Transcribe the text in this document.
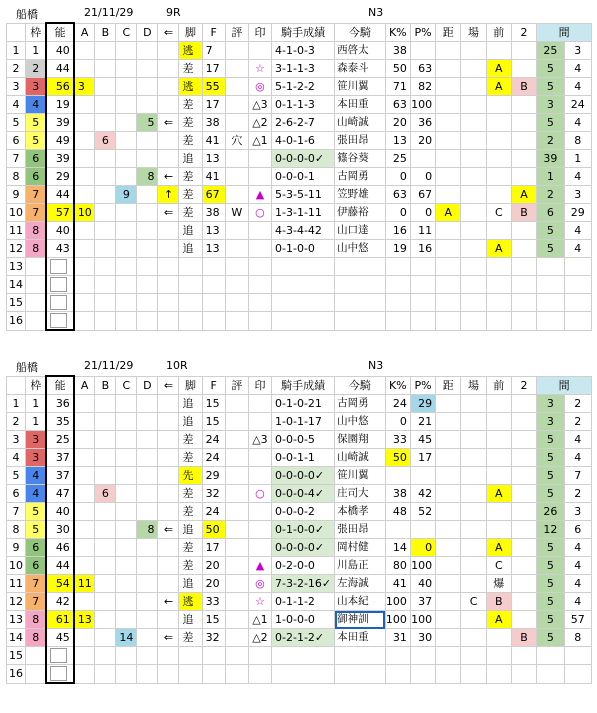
船橋	21/11/29	9R	N3
	枠	能	A	B	C	D	⇐	脚	F	評	印	騎手成績	今騎	K%	P%	距	場	前	2	間	
1	1	40						逃	7			4-1-0-3	西啓太	38						25	3
2	2	44						差	17		☆	3-1-1-3	森泰斗	50	63			A		5	4
3	3	56	3					逃	55		◎	5-1-2-2	笹川翼	71	82			A	B	5	4
4	4	19						差	17		△3	0-1-1-3	本田重	63	100					3	24
5	5	39				5	⇐	差	38		△2	2-6-2-7	山崎誠	20	36					5	4
6	5	49		6				差	41	穴	△1	4-0-1-6	張田昂	13	20					2	8
7	6	39						追	13			0-0-0-0✓	篠谷葵	25						39	1
8	6	29				8	←	差	41			0-0-0-1	古岡勇	0	0					1	4
9	7	44			9		↑	差	67		▲	5-3-5-11	笠野雄	63	67				A	2	3
10	7	57	10				⇐	差	38	W	○	1-3-1-11	伊藤裕	0	0	A		C	B	6	29
11	8	40						追	13			4-3-4-42	山口達	16	11					5	4
12	8	43						追	13			0-1-0-0	山中悠	19	16			A		5	4
13		

14		

15		

16		

船橋	21/11/29	10R	N3
	枠	能	A	B	C	D	⇐	脚	F	評	印	騎手成績	今騎	K%	P%	距	場	前	2	間	
1	1	36						追	15			0-1-0-21	古岡勇	24	29					3	2
2	1	35						追	15			1-0-1-17	山中悠	0	21					3	2
3	3	25						差	24		△3	0-0-0-5	保園翔	33	45					5	4
4	3	37						差	24			0-0-1-1	山崎誠	50	17					5	4
5	4	37						先	29			0-0-0-0✓	笹川翼							5	7
6	4	47		6				差	32		○	0-0-0-4✓	庄司大	38	42			A		5	2
7	5	40						差	24			0-0-0-2	本橋孝	48	52					26	3
8	5	30				8	⇐	追	50			0-1-0-0✓	張田昂							12	6
9	6	46						差	17			0-0-0-0✓	岡村健	14	0			A		5	4
10	6	44						差	20		▲	0-2-0-0	川島正	80	100			C		5	4
11	7	54	11					追	20		◎	7-3-2-16✓	左海誠	41	40			爆		5	4
12	7	42					←	逃	33		☆	0-1-1-2	山本紀	100	37		C	B		5	4
13	8	61	13					追	15		△1	1-0-0-0	御神訓	100	100			A		5	57
14	8	45			14		⇐	差	32		△2	0-2-1-2✓	本田重	31	30				B	5	8
15		

16		
